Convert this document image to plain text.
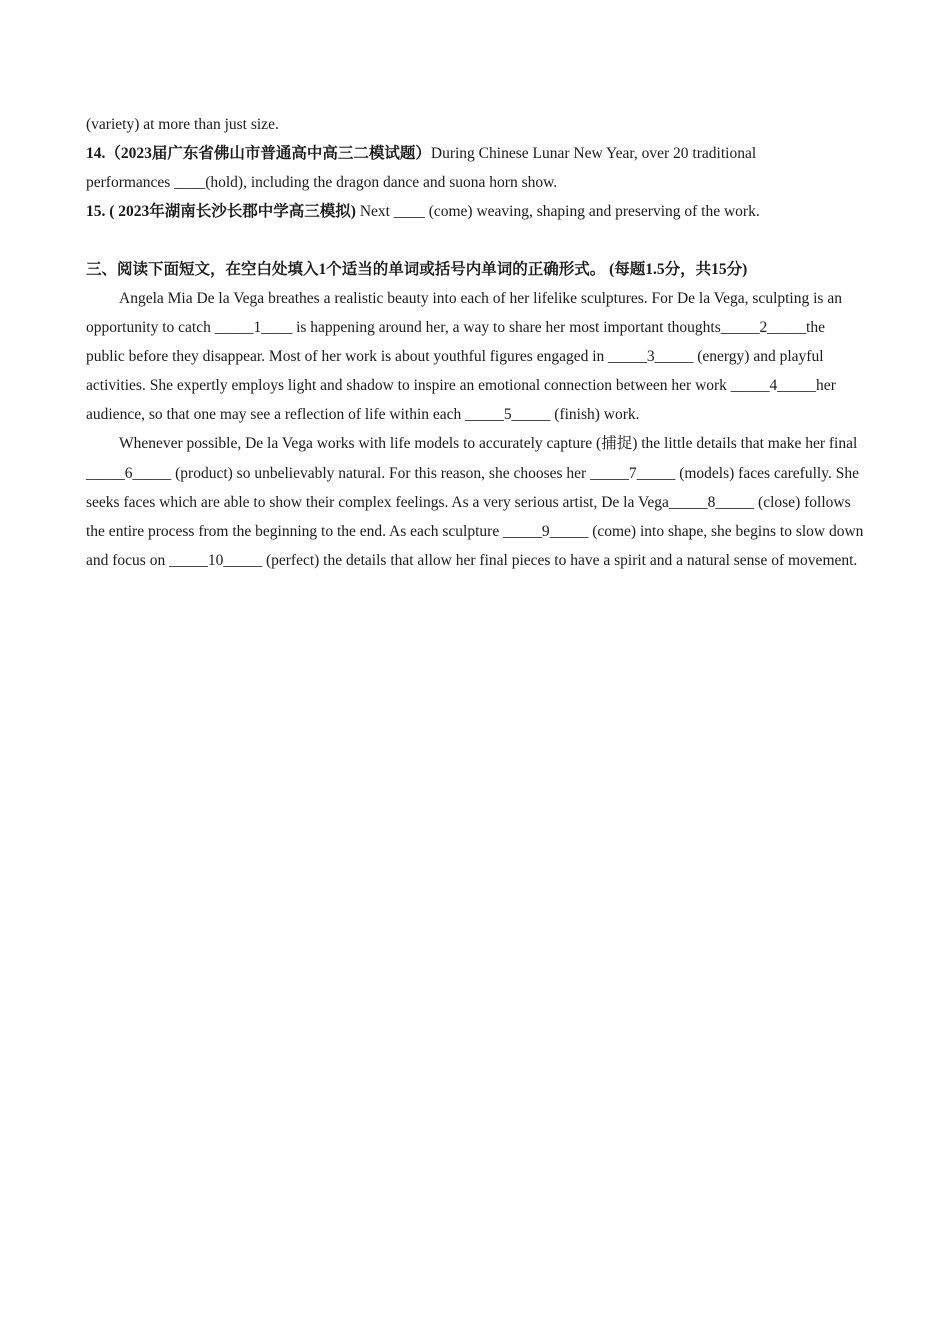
(variety) at more than just size.
14.（2023届广东省佛山市普通高中高三二模试题）During Chinese Lunar New Year, over 20 traditional
performances ____(hold), including the dragon dance and suona horn show.
15. ( 2023年湖南长沙长郡中学高三模拟) Next ____ (come) weaving, shaping and preserving of the work.
三、阅读下面短文，在空白处填入1个适当的单词或括号内单词的正确形式。 (每题1.5分，共15分)
Angela Mia De la Vega breathes a realistic beauty into each of her lifelike sculptures. For De la Vega, sculpting is an opportunity to catch _____1____ is happening around her, a way to share her most important thoughts_____2_____the public before they disappear. Most of her work is about youthful figures engaged in _____3_____ (energy) and playful activities. She expertly employs light and shadow to inspire an emotional connection between her work _____4_____her audience, so that one may see a reflection of life within each _____5_____ (finish) work.
Whenever possible, De la Vega works with life models to accurately capture (捕捉) the little details that make her final _____6_____ (product) so unbelievably natural. For this reason, she chooses her _____7_____ (models) faces carefully. She seeks faces which are able to show their complex feelings. As a very serious artist, De la Vega_____8_____ (close) follows the entire process from the beginning to the end. As each sculpture _____9_____ (come) into shape, she begins to slow down and focus on _____10_____ (perfect) the details that allow her final pieces to have a spirit and a natural sense of movement.
